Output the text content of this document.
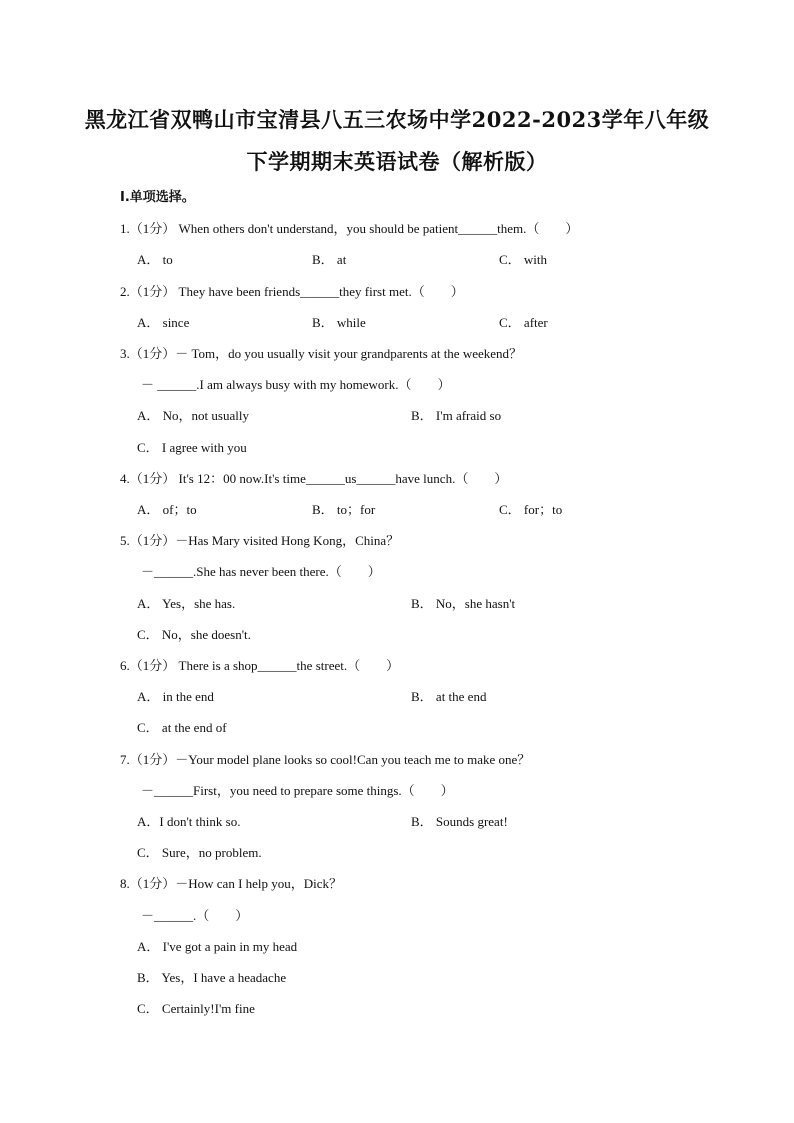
黑龙江省双鸭山市宝清县八五三农场中学2022-2023学年八年级
下学期期末英语试卷（解析版）
Ⅰ.单项选择。
1.（1分） When others don't understand，you should be patient______them.（　　）
A． to	B． at	C． with
2.（1分） They have been friends______they first met.（　　）
A． since	B． while	C． after
3.（1分）－ Tom，do you usually visit your grandparents at the weekend？
－ ______.I am always busy with my homework.（　　）
A． No，not usually	B． I'm afraid so
C． I agree with you
4.（1分） It's 12：00 now.It's time______us______have lunch.（　　）
A． of；to	B． to；for	C． for；to
5.（1分）－Has Mary visited Hong Kong，China？
－______.She has never been there.（　　）
A． Yes，she has.	B． No，she hasn't
C． No，she doesn't.
6.（1分） There is a shop______the street.（　　）
A． in the end	B． at the end
C． at the end of
7.（1分）－Your model plane looks so cool!Can you teach me to make one？
－______First，you need to prepare some things.（　　）
A．I don't think so.	B． Sounds great!
C． Sure，no problem.
8.（1分）－How can I help you，Dick？
－______.（　　）
A． I've got a pain in my head
B． Yes，I have a headache
C． Certainly!I'm fine
